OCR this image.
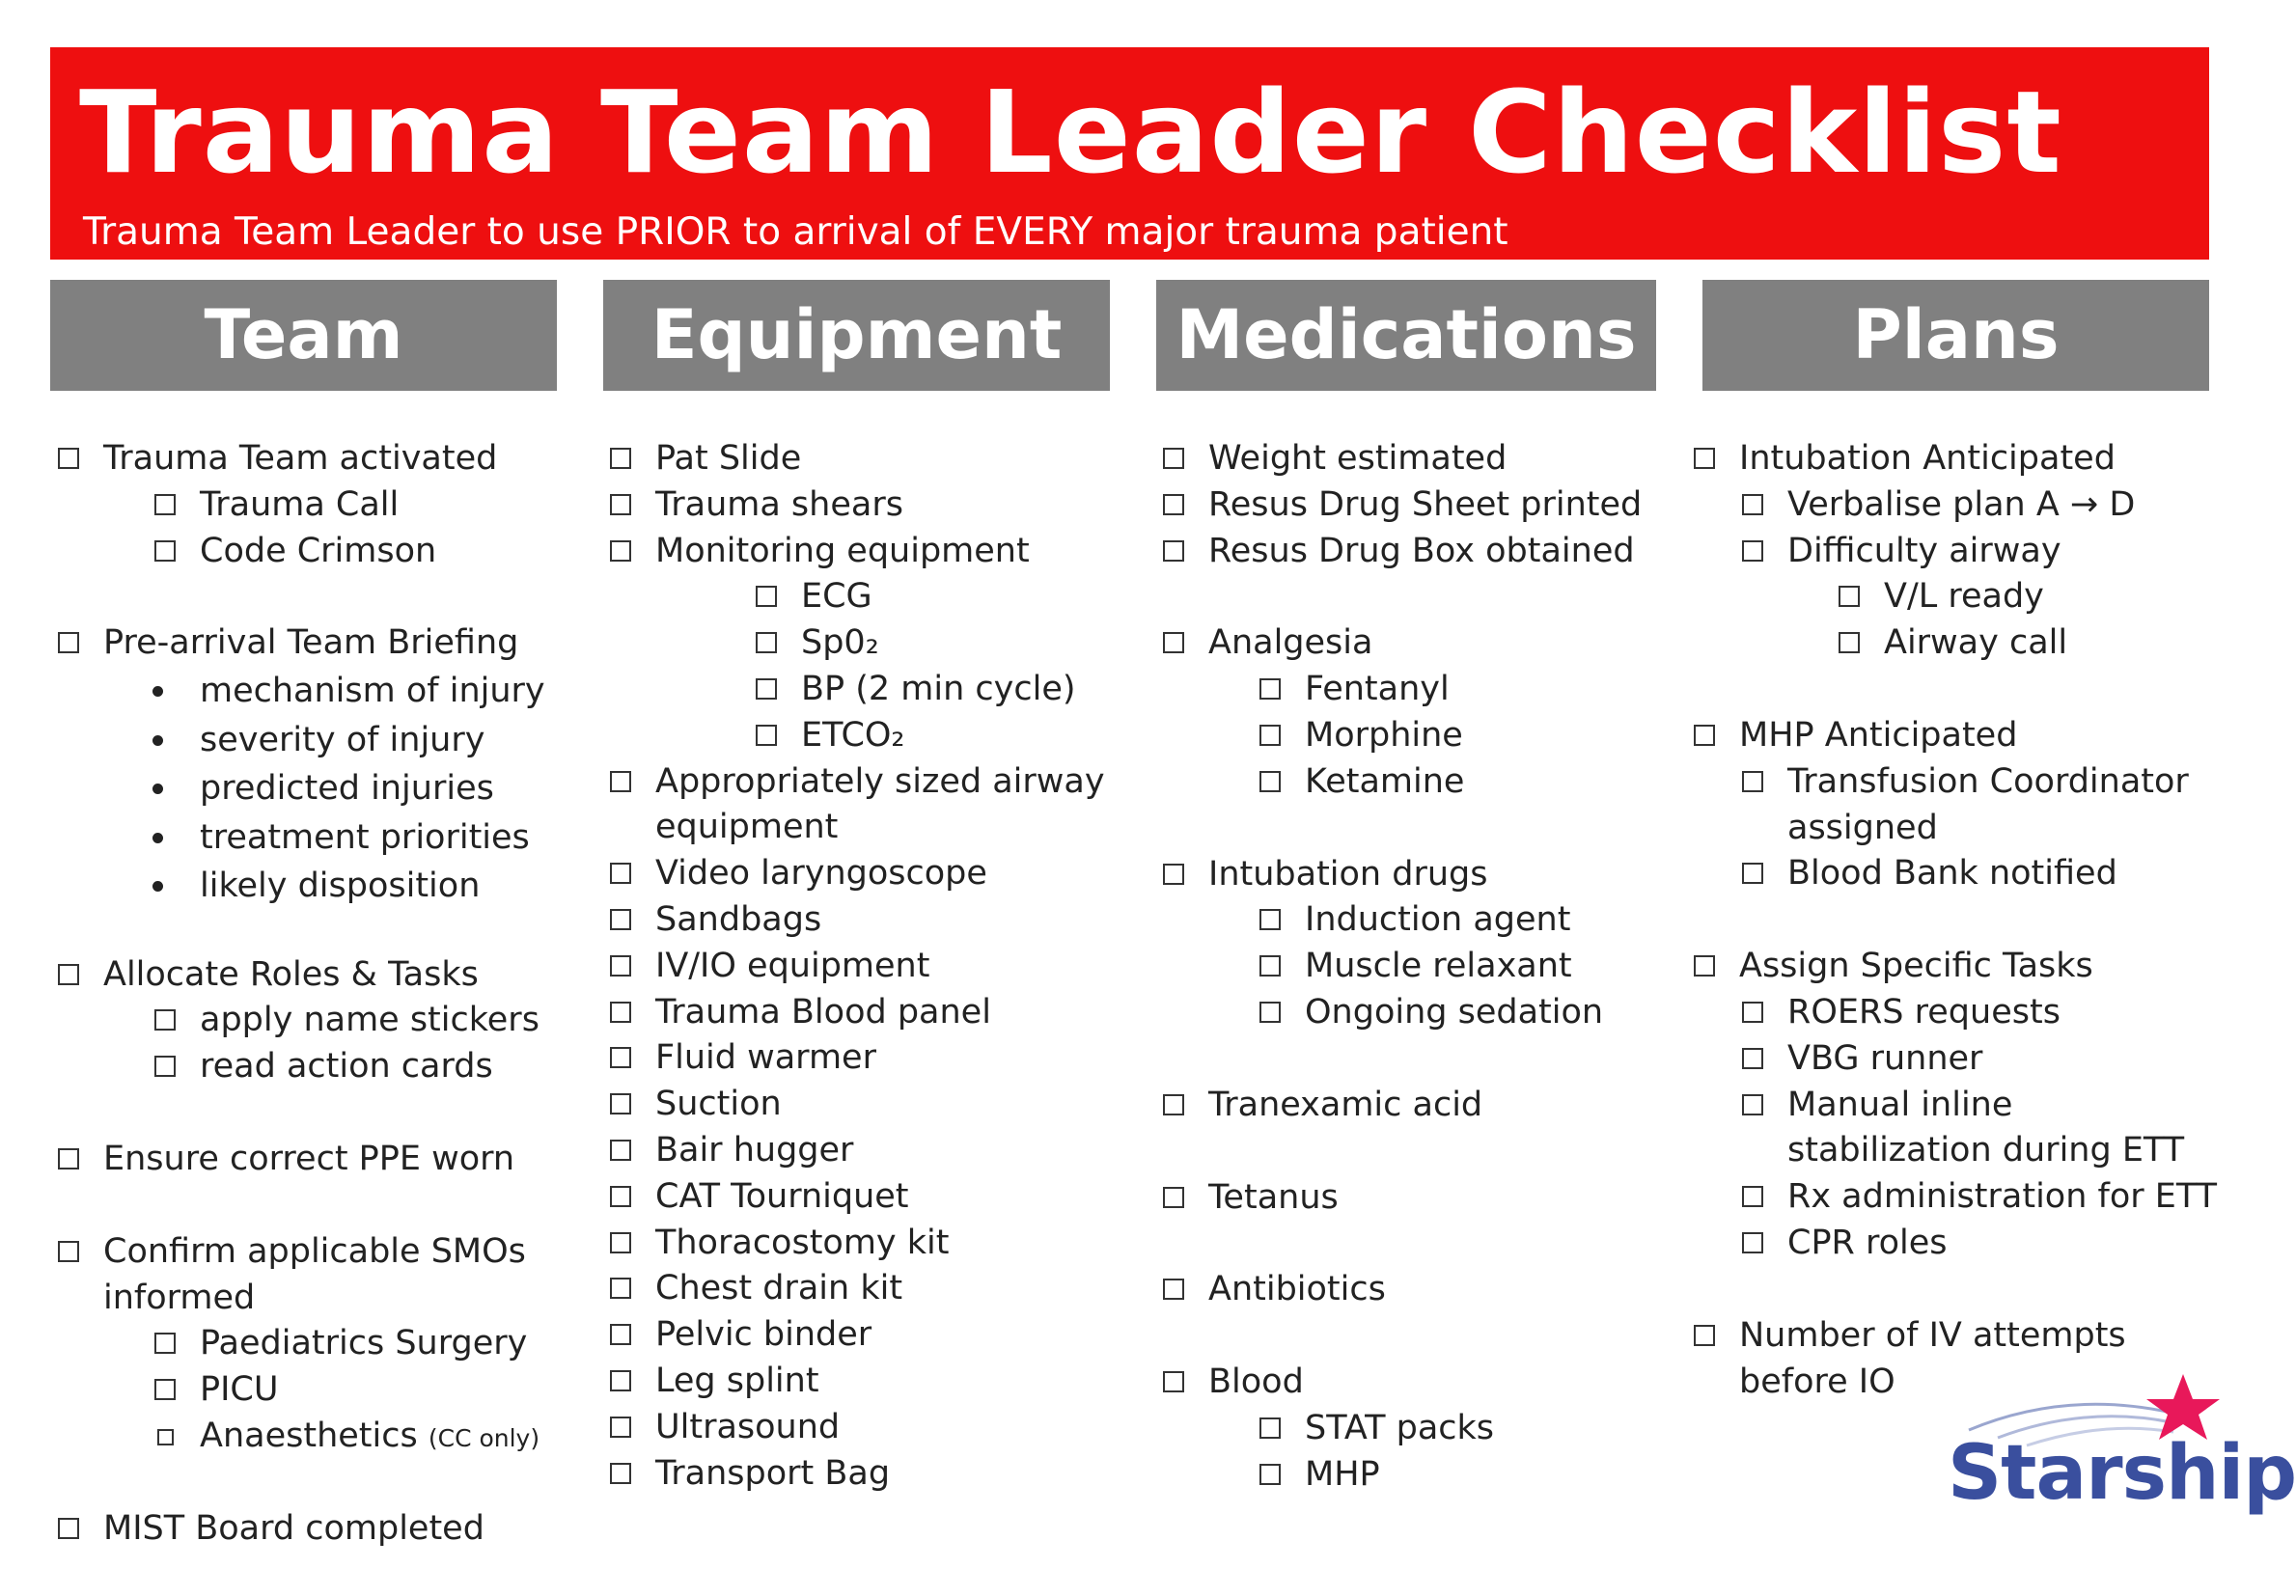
Trauma Team Leader Checklist
Trauma Team Leader to use PRIOR to arrival of EVERY major trauma patient
Team	Equipment	Medications	Plans
Trauma Team activated
Trauma Call
Code Crimson
Pre-arrival Team Briefing
mechanism of injury
severity of injury
predicted injuries
treatment priorities
likely disposition
Allocate Roles & Tasks
apply name stickers
read action cards
Ensure correct PPE worn
Confirm applicable SMOs
informed
Paediatrics Surgery
PICU
Anaesthetics (CC only)
MIST Board completed
Pat Slide
Trauma shears
Monitoring equipment
ECG
Sp0₂
BP (2 min cycle)
ETCO₂
Appropriately sized airway
equipment
Video laryngoscope
Sandbags
IV/IO equipment
Trauma Blood panel
Fluid warmer
Suction
Bair hugger
CAT Tourniquet
Thoracostomy kit
Chest drain kit
Pelvic binder
Leg splint
Ultrasound
Transport Bag
Weight estimated
Resus Drug Sheet printed
Resus Drug Box obtained
Analgesia
Fentanyl
Morphine
Ketamine
Intubation drugs
Induction agent
Muscle relaxant
Ongoing sedation
Tranexamic acid
Tetanus
Antibiotics
Blood
STAT packs
MHP
Intubation Anticipated
Verbalise plan A → D
Difficulty airway
V/L ready
Airway call
MHP Anticipated
Transfusion Coordinator
assigned
Blood Bank notified
Assign Specific Tasks
ROERS requests
VBG runner
Manual inline
stabilization during ETT
Rx administration for ETT
CPR roles
Number of IV attempts
before IO
Starship
